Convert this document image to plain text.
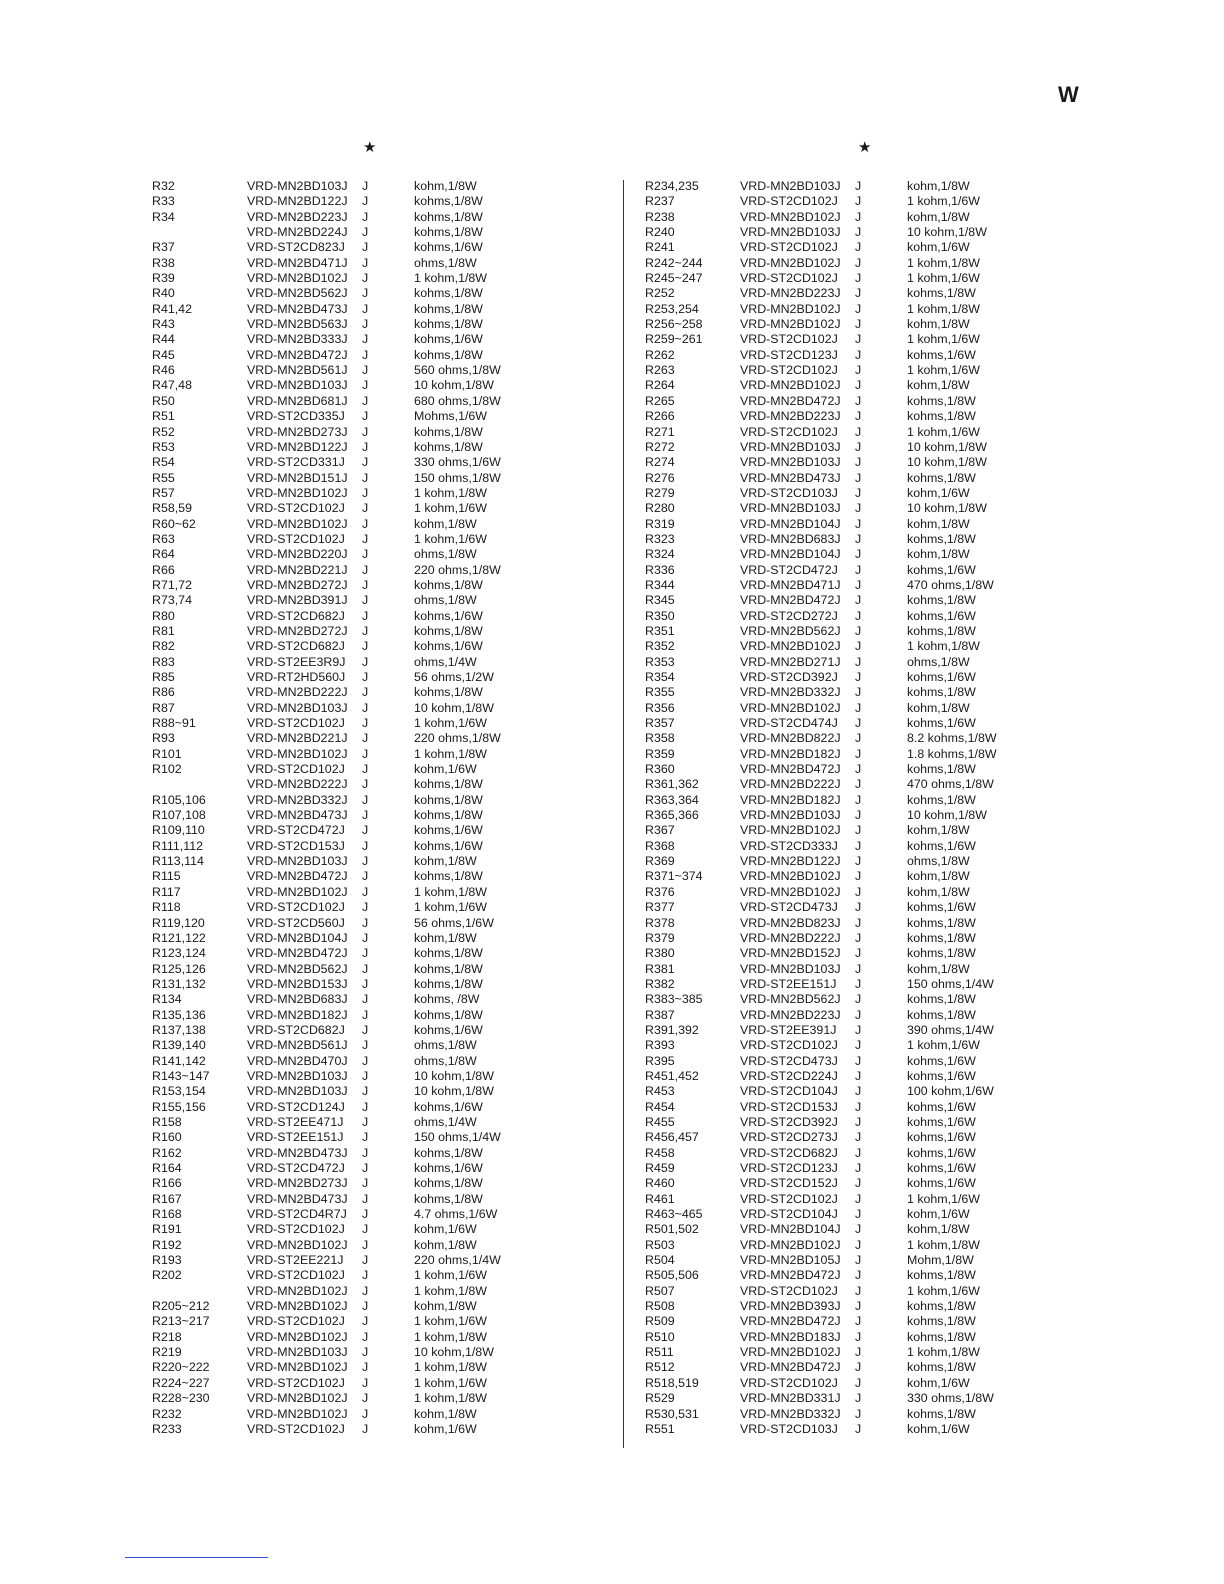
W
★	★
R32	VRD-MN2BD103J	J	kohm,1/8W
R33	VRD-MN2BD122J	J	kohms,1/8W
R34	VRD-MN2BD223J	J	kohms,1/8W
	VRD-MN2BD224J	J	kohms,1/8W
R37	VRD-ST2CD823J	J	kohms,1/6W
R38	VRD-MN2BD471J	J	ohms,1/8W
R39	VRD-MN2BD102J	J	1 kohm,1/8W
R40	VRD-MN2BD562J	J	kohms,1/8W
R41,42	VRD-MN2BD473J	J	kohms,1/8W
R43	VRD-MN2BD563J	J	kohms,1/8W
R44	VRD-MN2BD333J	J	kohms,1/6W
R45	VRD-MN2BD472J	J	kohms,1/8W
R46	VRD-MN2BD561J	J	560 ohms,1/8W
R47,48	VRD-MN2BD103J	J	10 kohm,1/8W
R50	VRD-MN2BD681J	J	680 ohms,1/8W
R51	VRD-ST2CD335J	J	Mohms,1/6W
R52	VRD-MN2BD273J	J	kohms,1/8W
R53	VRD-MN2BD122J	J	kohms,1/8W
R54	VRD-ST2CD331J	J	330 ohms,1/6W
R55	VRD-MN2BD151J	J	150 ohms,1/8W
R57	VRD-MN2BD102J	J	1 kohm,1/8W
R58,59	VRD-ST2CD102J	J	1 kohm,1/6W
R60~62	VRD-MN2BD102J	J	kohm,1/8W
R63	VRD-ST2CD102J	J	1 kohm,1/6W
R64	VRD-MN2BD220J	J	ohms,1/8W
R66	VRD-MN2BD221J	J	220 ohms,1/8W
R71,72	VRD-MN2BD272J	J	kohms,1/8W
R73,74	VRD-MN2BD391J	J	ohms,1/8W
R80	VRD-ST2CD682J	J	kohms,1/6W
R81	VRD-MN2BD272J	J	kohms,1/8W
R82	VRD-ST2CD682J	J	kohms,1/6W
R83	VRD-ST2EE3R9J	J	ohms,1/4W
R85	VRD-RT2HD560J	J	56 ohms,1/2W
R86	VRD-MN2BD222J	J	kohms,1/8W
R87	VRD-MN2BD103J	J	10 kohm,1/8W
R88~91	VRD-ST2CD102J	J	1 kohm,1/6W
R93	VRD-MN2BD221J	J	220 ohms,1/8W
R101	VRD-MN2BD102J	J	1 kohm,1/8W
R102	VRD-ST2CD102J	J	kohm,1/6W
	VRD-MN2BD222J	J	kohms,1/8W
R105,106	VRD-MN2BD332J	J	kohms,1/8W
R107,108	VRD-MN2BD473J	J	kohms,1/8W
R109,110	VRD-ST2CD472J	J	kohms,1/6W
R111,112	VRD-ST2CD153J	J	kohms,1/6W
R113,114	VRD-MN2BD103J	J	kohm,1/8W
R115	VRD-MN2BD472J	J	kohms,1/8W
R117	VRD-MN2BD102J	J	1 kohm,1/8W
R118	VRD-ST2CD102J	J	1 kohm,1/6W
R119,120	VRD-ST2CD560J	J	56 ohms,1/6W
R121,122	VRD-MN2BD104J	J	kohm,1/8W
R123,124	VRD-MN2BD472J	J	kohms,1/8W
R125,126	VRD-MN2BD562J	J	kohms,1/8W
R131,132	VRD-MN2BD153J	J	kohms,1/8W
R134	VRD-MN2BD683J	J	kohms, /8W
R135,136	VRD-MN2BD182J	J	kohms,1/8W
R137,138	VRD-ST2CD682J	J	kohms,1/6W
R139,140	VRD-MN2BD561J	J	ohms,1/8W
R141,142	VRD-MN2BD470J	J	ohms,1/8W
R143~147	VRD-MN2BD103J	J	10 kohm,1/8W
R153,154	VRD-MN2BD103J	J	10 kohm,1/8W
R155,156	VRD-ST2CD124J	J	kohms,1/6W
R158	VRD-ST2EE471J	J	ohms,1/4W
R160	VRD-ST2EE151J	J	150 ohms,1/4W
R162	VRD-MN2BD473J	J	kohms,1/8W
R164	VRD-ST2CD472J	J	kohms,1/6W
R166	VRD-MN2BD273J	J	kohms,1/8W
R167	VRD-MN2BD473J	J	kohms,1/8W
R168	VRD-ST2CD4R7J	J	4.7 ohms,1/6W
R191	VRD-ST2CD102J	J	kohm,1/6W
R192	VRD-MN2BD102J	J	kohm,1/8W
R193	VRD-ST2EE221J	J	220 ohms,1/4W
R202	VRD-ST2CD102J	J	1 kohm,1/6W
	VRD-MN2BD102J	J	1 kohm,1/8W
R205~212	VRD-MN2BD102J	J	kohm,1/8W
R213~217	VRD-ST2CD102J	J	1 kohm,1/6W
R218	VRD-MN2BD102J	J	1 kohm,1/8W
R219	VRD-MN2BD103J	J	10 kohm,1/8W
R220~222	VRD-MN2BD102J	J	1 kohm,1/8W
R224~227	VRD-ST2CD102J	J	1 kohm,1/6W
R228~230	VRD-MN2BD102J	J	1 kohm,1/8W
R232	VRD-MN2BD102J	J	kohm,1/8W
R233	VRD-ST2CD102J	J	kohm,1/6W
R234,235	VRD-MN2BD103J	J	kohm,1/8W
R237	VRD-ST2CD102J	J	1 kohm,1/6W
R238	VRD-MN2BD102J	J	kohm,1/8W
R240	VRD-MN2BD103J	J	10 kohm,1/8W
R241	VRD-ST2CD102J	J	kohm,1/6W
R242~244	VRD-MN2BD102J	J	1 kohm,1/8W
R245~247	VRD-ST2CD102J	J	1 kohm,1/6W
R252	VRD-MN2BD223J	J	kohms,1/8W
R253,254	VRD-MN2BD102J	J	1 kohm,1/8W
R256~258	VRD-MN2BD102J	J	kohm,1/8W
R259~261	VRD-ST2CD102J	J	1 kohm,1/6W
R262	VRD-ST2CD123J	J	kohms,1/6W
R263	VRD-ST2CD102J	J	1 kohm,1/6W
R264	VRD-MN2BD102J	J	kohm,1/8W
R265	VRD-MN2BD472J	J	kohms,1/8W
R266	VRD-MN2BD223J	J	kohms,1/8W
R271	VRD-ST2CD102J	J	1 kohm,1/6W
R272	VRD-MN2BD103J	J	10 kohm,1/8W
R274	VRD-MN2BD103J	J	10 kohm,1/8W
R276	VRD-MN2BD473J	J	kohms,1/8W
R279	VRD-ST2CD103J	J	kohm,1/6W
R280	VRD-MN2BD103J	J	10 kohm,1/8W
R319	VRD-MN2BD104J	J	kohm,1/8W
R323	VRD-MN2BD683J	J	kohms,1/8W
R324	VRD-MN2BD104J	J	kohm,1/8W
R336	VRD-ST2CD472J	J	kohms,1/6W
R344	VRD-MN2BD471J	J	470 ohms,1/8W
R345	VRD-MN2BD472J	J	kohms,1/8W
R350	VRD-ST2CD272J	J	kohms,1/6W
R351	VRD-MN2BD562J	J	kohms,1/8W
R352	VRD-MN2BD102J	J	1 kohm,1/8W
R353	VRD-MN2BD271J	J	ohms,1/8W
R354	VRD-ST2CD392J	J	kohms,1/6W
R355	VRD-MN2BD332J	J	kohms,1/8W
R356	VRD-MN2BD102J	J	kohm,1/8W
R357	VRD-ST2CD474J	J	kohms,1/6W
R358	VRD-MN2BD822J	J	8.2 kohms,1/8W
R359	VRD-MN2BD182J	J	1.8 kohms,1/8W
R360	VRD-MN2BD472J	J	kohms,1/8W
R361,362	VRD-MN2BD222J	J	470 ohms,1/8W
R363,364	VRD-MN2BD182J	J	kohms,1/8W
R365,366	VRD-MN2BD103J	J	10 kohm,1/8W
R367	VRD-MN2BD102J	J	kohm,1/8W
R368	VRD-ST2CD333J	J	kohms,1/6W
R369	VRD-MN2BD122J	J	ohms,1/8W
R371~374	VRD-MN2BD102J	J	kohm,1/8W
R376	VRD-MN2BD102J	J	kohm,1/8W
R377	VRD-ST2CD473J	J	kohms,1/6W
R378	VRD-MN2BD823J	J	kohms,1/8W
R379	VRD-MN2BD222J	J	kohms,1/8W
R380	VRD-MN2BD152J	J	kohms,1/8W
R381	VRD-MN2BD103J	J	kohm,1/8W
R382	VRD-ST2EE151J	J	150 ohms,1/4W
R383~385	VRD-MN2BD562J	J	kohms,1/8W
R387	VRD-MN2BD223J	J	kohms,1/8W
R391,392	VRD-ST2EE391J	J	390 ohms,1/4W
R393	VRD-ST2CD102J	J	1 kohm,1/6W
R395	VRD-ST2CD473J	J	kohms,1/6W
R451,452	VRD-ST2CD224J	J	kohms,1/6W
R453	VRD-ST2CD104J	J	100 kohm,1/6W
R454	VRD-ST2CD153J	J	kohms,1/6W
R455	VRD-ST2CD392J	J	kohms,1/6W
R456,457	VRD-ST2CD273J	J	kohms,1/6W
R458	VRD-ST2CD682J	J	kohms,1/6W
R459	VRD-ST2CD123J	J	kohms,1/6W
R460	VRD-ST2CD152J	J	kohms,1/6W
R461	VRD-ST2CD102J	J	1 kohm,1/6W
R463~465	VRD-ST2CD104J	J	kohm,1/6W
R501,502	VRD-MN2BD104J	J	kohm,1/8W
R503	VRD-MN2BD102J	J	1 kohm,1/8W
R504	VRD-MN2BD105J	J	Mohm,1/8W
R505,506	VRD-MN2BD472J	J	kohms,1/8W
R507	VRD-ST2CD102J	J	1 kohm,1/6W
R508	VRD-MN2BD393J	J	kohms,1/8W
R509	VRD-MN2BD472J	J	kohms,1/8W
R510	VRD-MN2BD183J	J	kohms,1/8W
R511	VRD-MN2BD102J	J	1 kohm,1/8W
R512	VRD-MN2BD472J	J	kohms,1/8W
R518,519	VRD-ST2CD102J	J	kohm,1/6W
R529	VRD-MN2BD331J	J	330 ohms,1/8W
R530,531	VRD-MN2BD332J	J	kohms,1/8W
R551	VRD-ST2CD103J	J	kohm,1/6W
